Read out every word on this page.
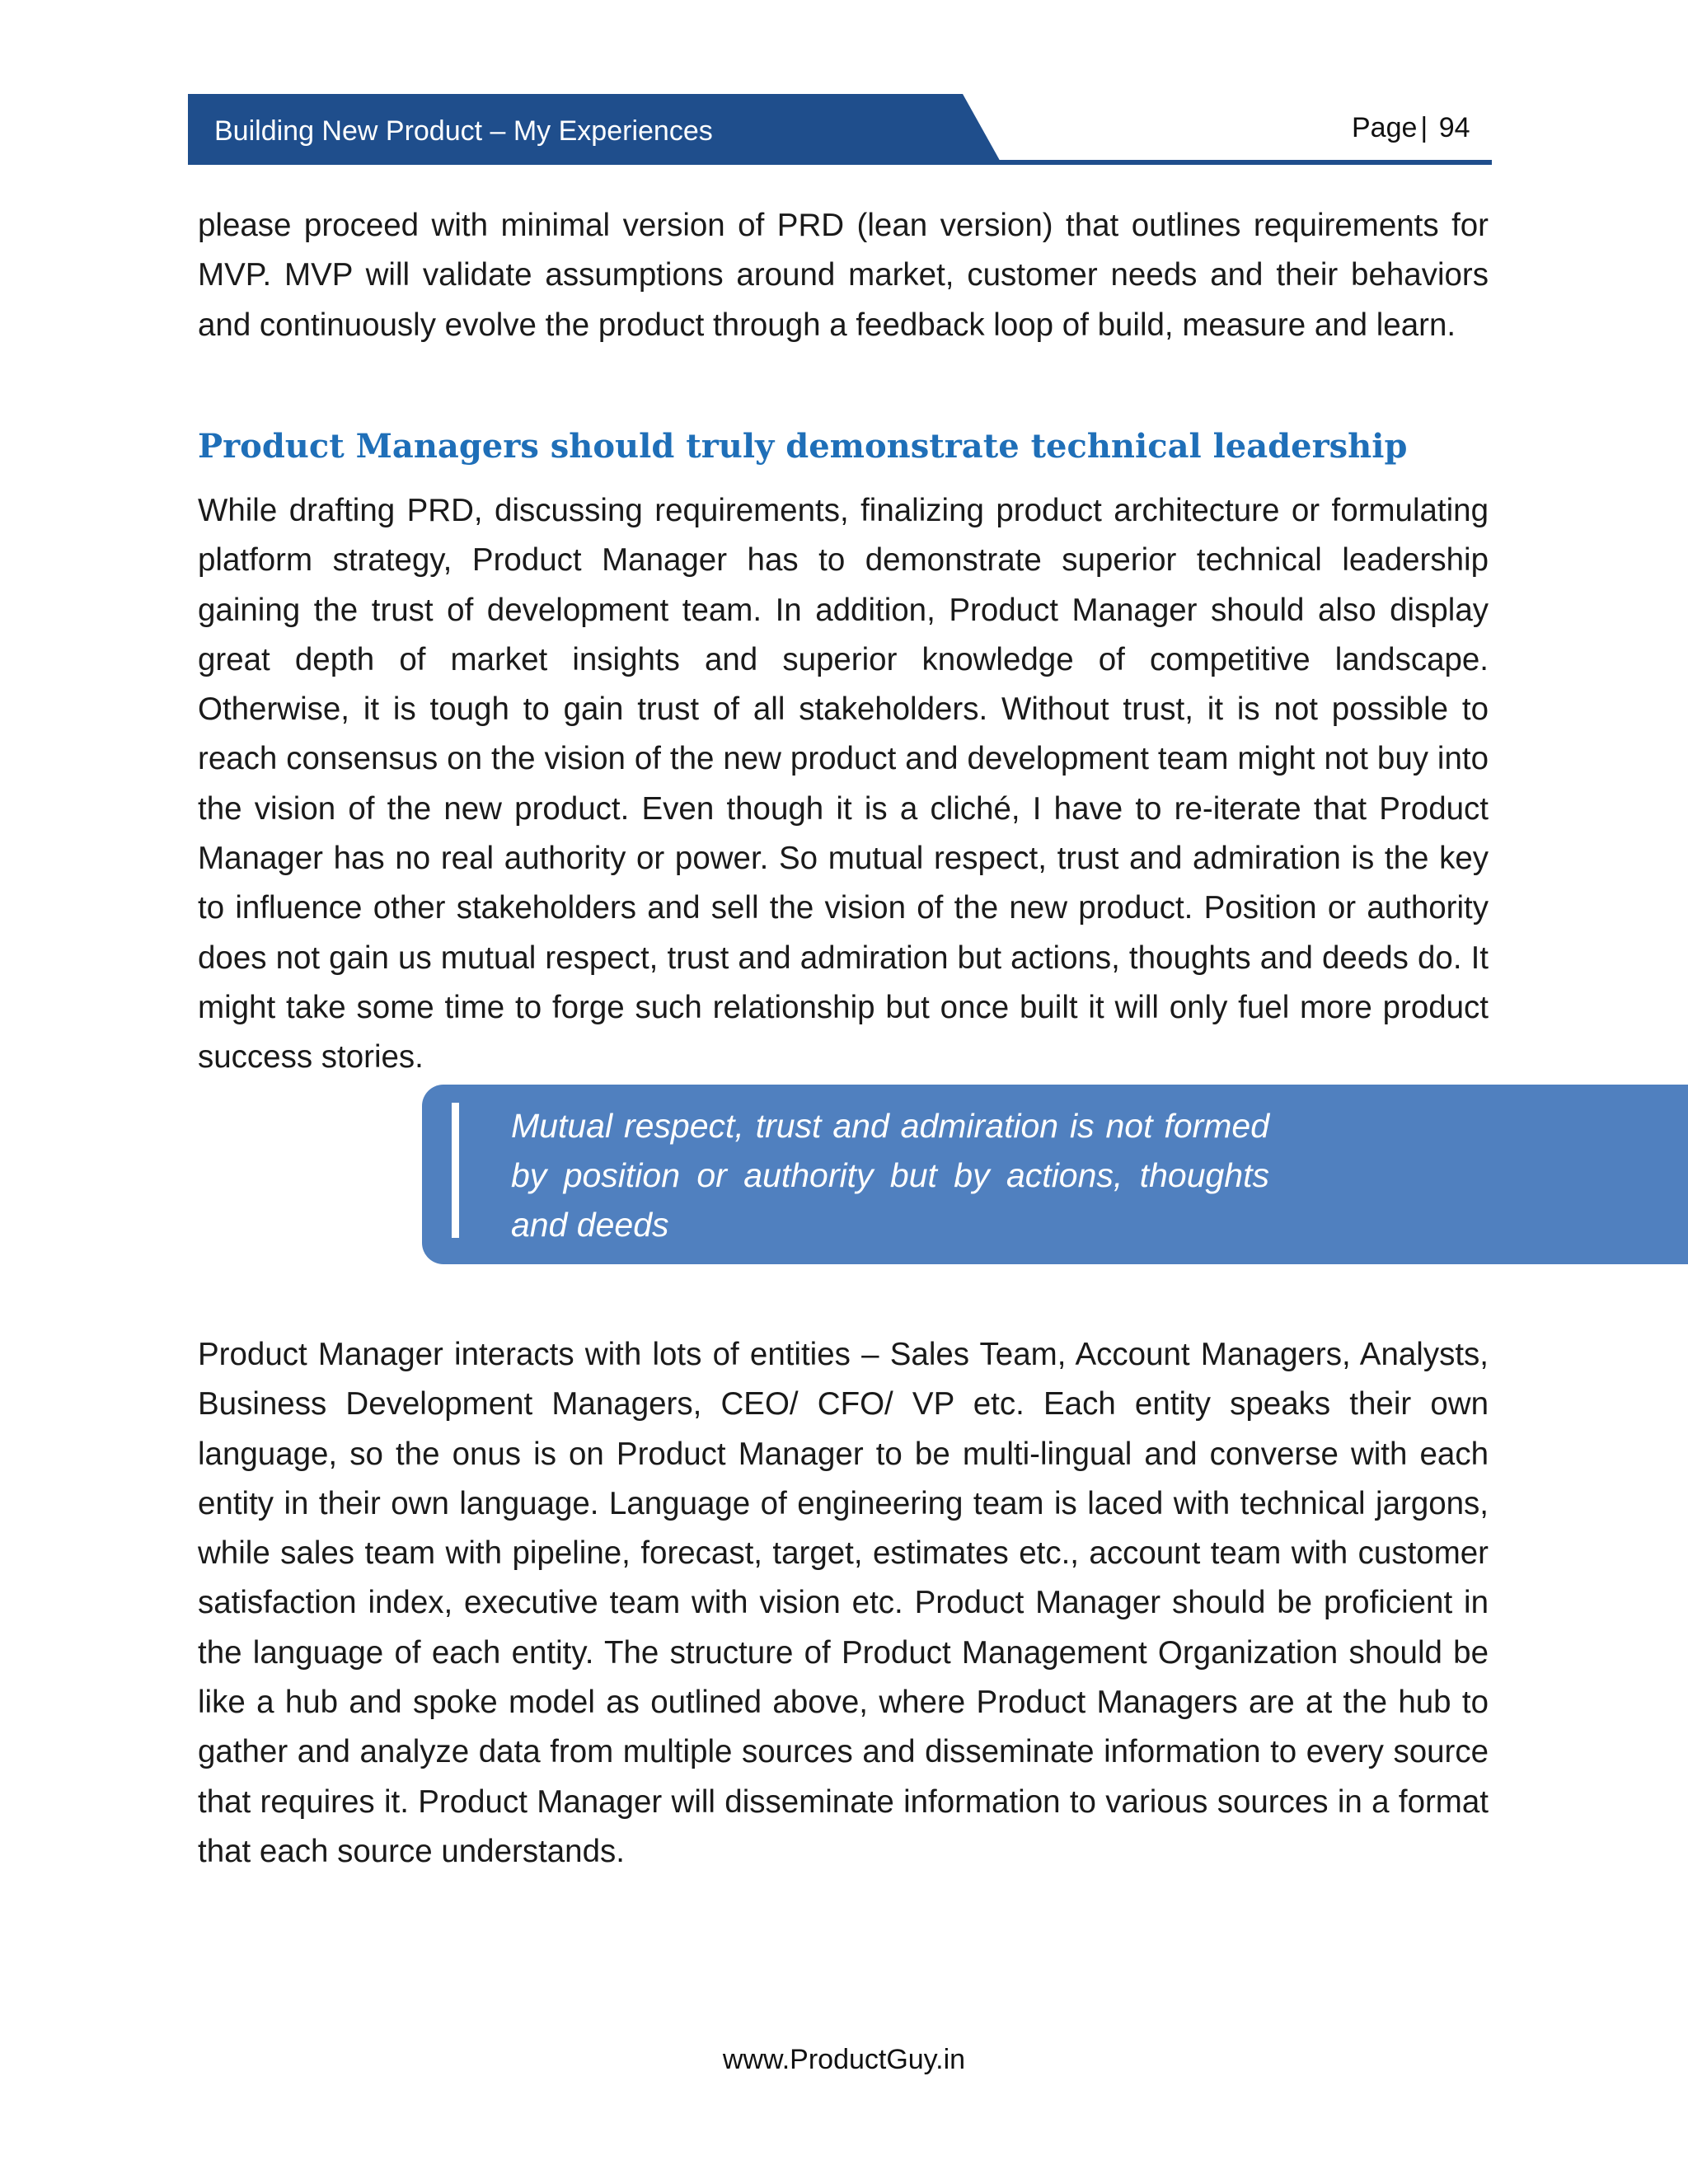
Building New Product – My Experiences	Page | 94

please proceed with minimal version of PRD (lean version) that outlines requirements for MVP. MVP will validate assumptions around market, customer needs and their behaviors and continuously evolve the product through a feedback loop of build, measure and learn.

Product Managers should truly demonstrate technical leadership

While drafting PRD, discussing requirements, finalizing product architecture or formulating platform strategy, Product Manager has to demonstrate superior technical leadership gaining the trust of development team. In addition, Product Manager should also display great depth of market insights and superior knowledge of competitive landscape. Otherwise, it is tough to gain trust of all stakeholders. Without trust, it is not possible to reach consensus on the vision of the new product and development team might not buy into the vision of the new product. Even though it is a cliché, I have to re-iterate that Product Manager has no real authority or power. So mutual respect, trust and admiration is the key to influence other stakeholders and sell the vision of the new product. Position or authority does not gain us mutual respect, trust and admiration but actions, thoughts and deeds do. It might take some time to forge such relationship but once built it will only fuel more product success stories.

Mutual respect, trust and admiration is not formed by position or authority but by actions, thoughts and deeds

Product Manager interacts with lots of entities – Sales Team, Account Managers, Analysts, Business Development Managers, CEO/ CFO/ VP etc. Each entity speaks their own language, so the onus is on Product Manager to be multi-lingual and converse with each entity in their own language. Language of engineering team is laced with technical jargons, while sales team with pipeline, forecast, target, estimates etc., account team with customer satisfaction index, executive team with vision etc. Product Manager should be proficient in the language of each entity. The structure of Product Management Organization should be like a hub and spoke model as outlined above, where Product Managers are at the hub to gather and analyze data from multiple sources and disseminate information to every source that requires it. Product Manager will disseminate information to various sources in a format that each source understands.

www.ProductGuy.in
